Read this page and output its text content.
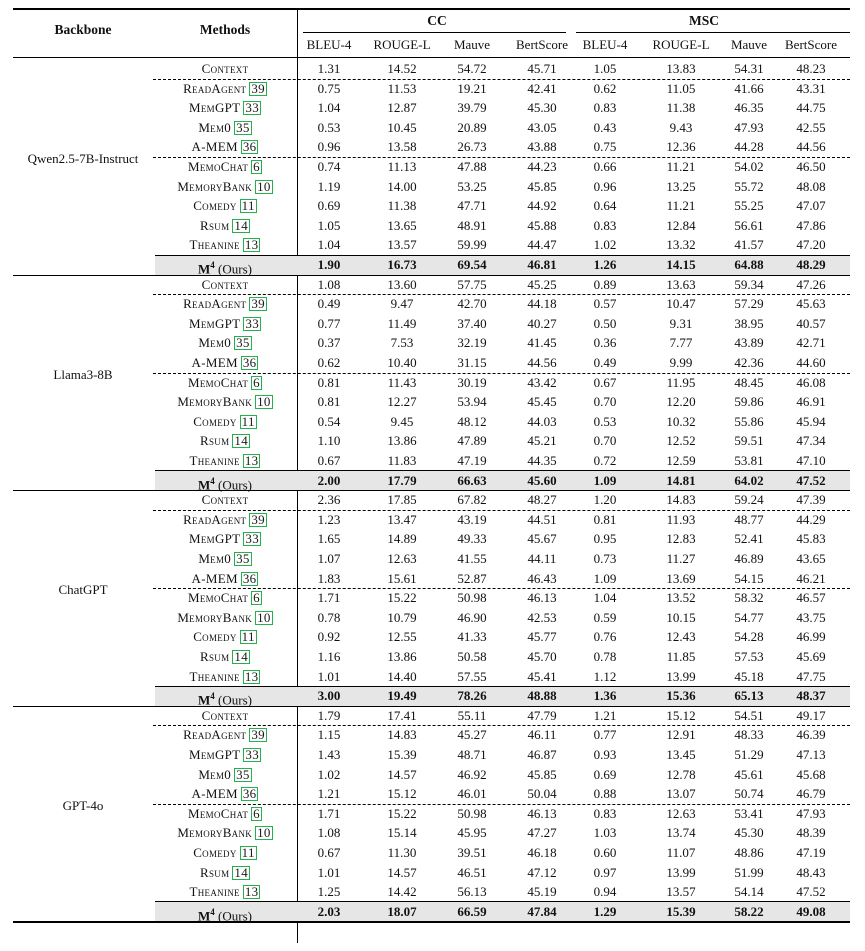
Backbone	Methods
CC	MSC
BLEU-4	ROUGE-L	Mauve	BertScore	BLEU-4	ROUGE-L	Mauve	BertScore
Qwen2.5-7B-Instruct
Context	1.31	14.52	54.72	45.71	1.05	13.83	54.31	48.23
ReadAgent 39	0.75	11.53	19.21	42.41	0.62	11.05	41.66	43.31
MemGPT 33	1.04	12.87	39.79	45.30	0.83	11.38	46.35	44.75
Mem0 35	0.53	10.45	20.89	43.05	0.43	9.43	47.93	42.55
A-MEM 36	0.96	13.58	26.73	43.88	0.75	12.36	44.28	44.56
MemoChat 6	0.74	11.13	47.88	44.23	0.66	11.21	54.02	46.50
MemoryBank 10	1.19	14.00	53.25	45.85	0.96	13.25	55.72	48.08
Comedy 11	0.69	11.38	47.71	44.92	0.64	11.21	55.25	47.07
Rsum 14	1.05	13.65	48.91	45.88	0.83	12.84	56.61	47.86
Theanine 13	1.04	13.57	59.99	44.47	1.02	13.32	41.57	47.20
$M^4$ (Ours)	1.90	16.73	69.54	46.81	1.26	14.15	64.88	48.29
Llama3-8B
Context	1.08	13.60	57.75	45.25	0.89	13.63	59.34	47.26
ReadAgent 39	0.49	9.47	42.70	44.18	0.57	10.47	57.29	45.63
MemGPT 33	0.77	11.49	37.40	40.27	0.50	9.31	38.95	40.57
Mem0 35	0.37	7.53	32.19	41.45	0.36	7.77	43.89	42.71
A-MEM 36	0.62	10.40	31.15	44.56	0.49	9.99	42.36	44.60
MemoChat 6	0.81	11.43	30.19	43.42	0.67	11.95	48.45	46.08
MemoryBank 10	0.81	12.27	53.94	45.45	0.70	12.20	59.86	46.91
Comedy 11	0.54	9.45	48.12	44.03	0.53	10.32	55.86	45.94
Rsum 14	1.10	13.86	47.89	45.21	0.70	12.52	59.51	47.34
Theanine 13	0.67	11.83	47.19	44.35	0.72	12.59	53.81	47.10
$M^4$ (Ours)	2.00	17.79	66.63	45.60	1.09	14.81	64.02	47.52
ChatGPT
Context	2.36	17.85	67.82	48.27	1.20	14.83	59.24	47.39
ReadAgent 39	1.23	13.47	43.19	44.51	0.81	11.93	48.77	44.29
MemGPT 33	1.65	14.89	49.33	45.67	0.95	12.83	52.41	45.83
Mem0 35	1.07	12.63	41.55	44.11	0.73	11.27	46.89	43.65
A-MEM 36	1.83	15.61	52.87	46.43	1.09	13.69	54.15	46.21
MemoChat 6	1.71	15.22	50.98	46.13	1.04	13.52	58.32	46.57
MemoryBank 10	0.78	10.79	46.90	42.53	0.59	10.15	54.77	43.75
Comedy 11	0.92	12.55	41.33	45.77	0.76	12.43	54.28	46.99
Rsum 14	1.16	13.86	50.58	45.70	0.78	11.85	57.53	45.69
Theanine 13	1.01	14.40	57.55	45.41	1.12	13.99	45.18	47.75
$M^4$ (Ours)	3.00	19.49	78.26	48.88	1.36	15.36	65.13	48.37
GPT-4o
Context	1.79	17.41	55.11	47.79	1.21	15.12	54.51	49.17
ReadAgent 39	1.15	14.83	45.27	46.11	0.77	12.91	48.33	46.39
MemGPT 33	1.43	15.39	48.71	46.87	0.93	13.45	51.29	47.13
Mem0 35	1.02	14.57	46.92	45.85	0.69	12.78	45.61	45.68
A-MEM 36	1.21	15.12	46.01	50.04	0.88	13.07	50.74	46.79
MemoChat 6	1.71	15.22	50.98	46.13	0.83	12.63	53.41	47.93
MemoryBank 10	1.08	15.14	45.95	47.27	1.03	13.74	45.30	48.39
Comedy 11	0.67	11.30	39.51	46.18	0.60	11.07	48.86	47.19
Rsum 14	1.01	14.57	46.51	47.12	0.97	13.99	51.99	48.43
Theanine 13	1.25	14.42	56.13	45.19	0.94	13.57	54.14	47.52
$M^4$ (Ours)	2.03	18.07	66.59	47.84	1.29	15.39	58.22	49.08
